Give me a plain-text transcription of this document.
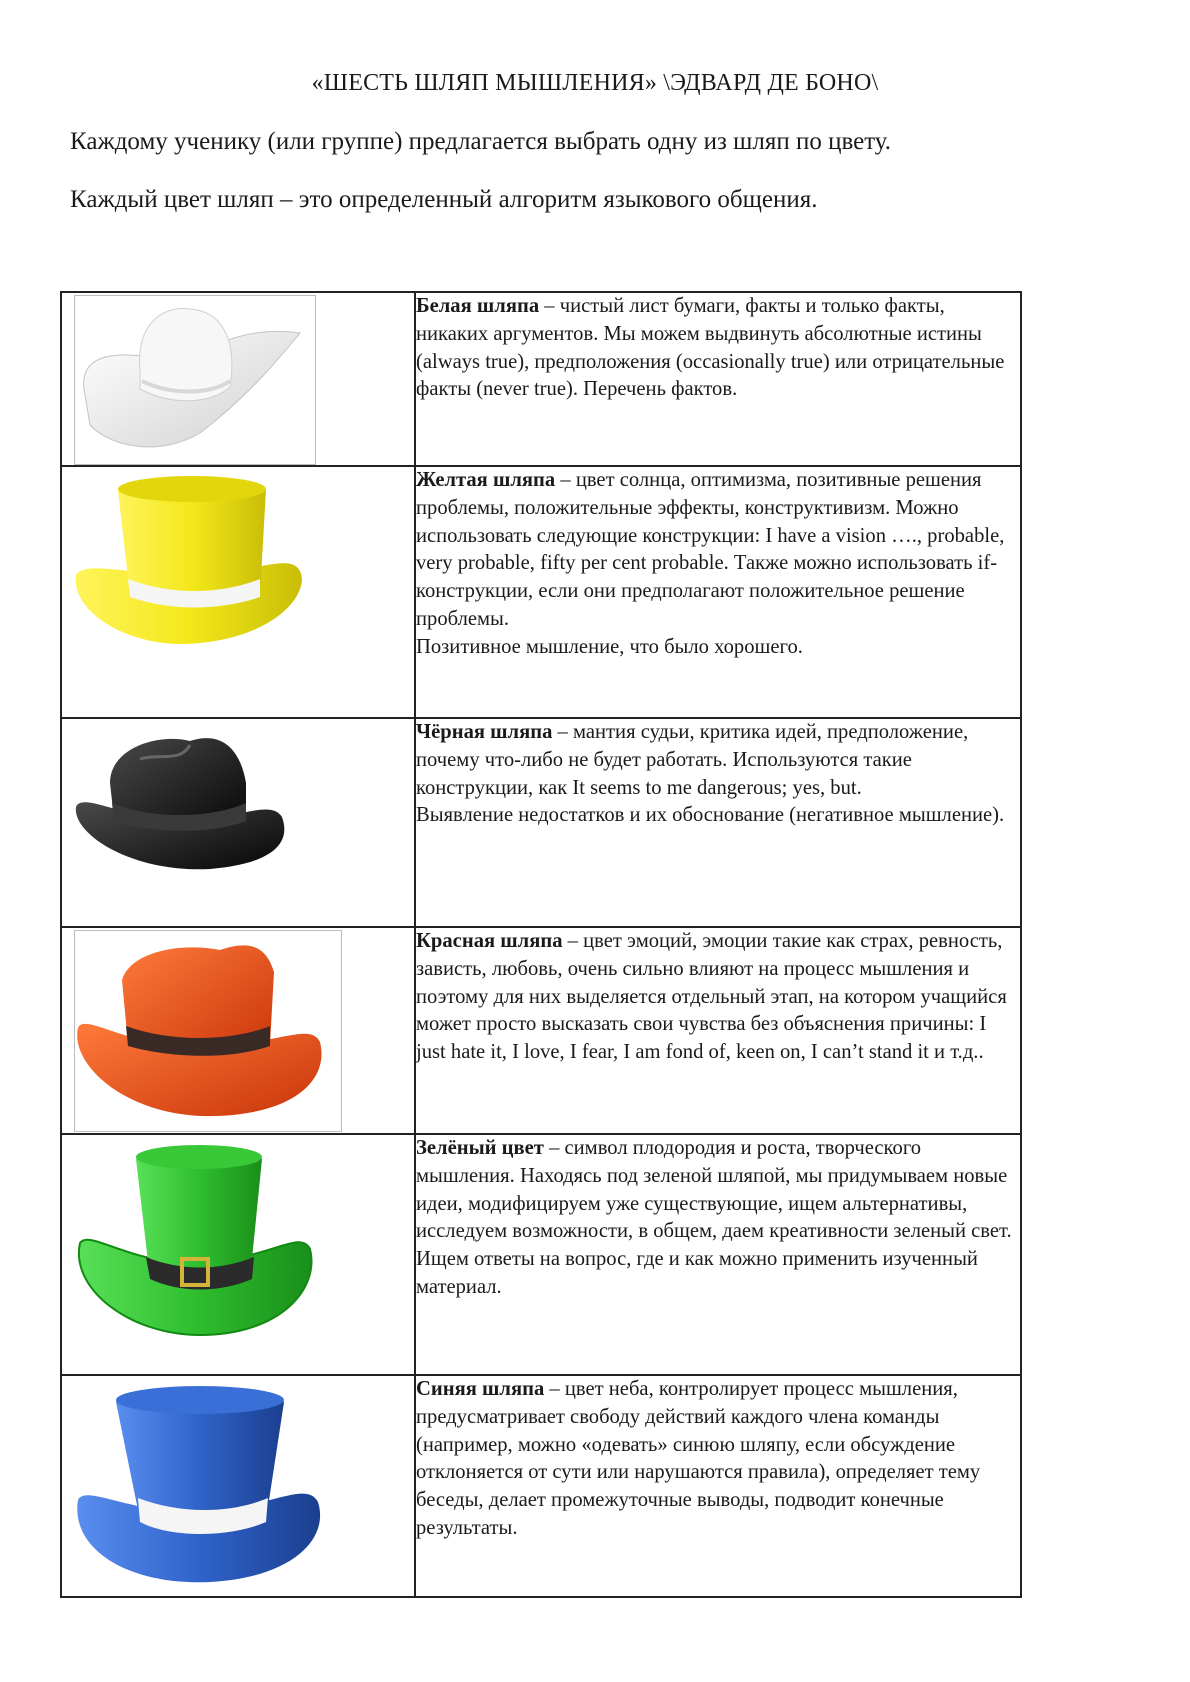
«ШЕСТЬ ШЛЯП МЫШЛЕНИЯ» \ЭДВАРД ДЕ БОНО\
Каждому ученику (или группе) предлагается выбрать одну из шляп по цвету.
Каждый цвет шляп – это определенный алгоритм языкового общения.
	Белая шляпа – чистый лист бумаги, факты и только факты, никаких аргументов. Мы можем выдвинуть абсолютные истины (always true), предположения (occasionally true) или отрицательные факты (never true). Перечень фактов.

	Желтая шляпа – цвет солнца, оптимизма, позитивные решения проблемы, положительные эффекты, конструктивизм. Можно использовать следующие конструкции: I have a vision …., probable, very probable, fifty per cent probable. Также можно использовать if-конструкции, если они предполагают положительное решение проблемы.
Позитивное мышление, что было хорошего.

	Чёрная шляпа – мантия судьи, критика идей, предположение, почему что-либо не будет работать. Используются такие конструкции, как It seems to me dangerous; yes, but.
Выявление недостатков и их обоснование (негативное мышление).

	Красная шляпа – цвет эмоций, эмоции такие как страх, ревность, зависть, любовь, очень сильно влияют на процесс мышления и поэтому для них выделяется отдельный этап, на котором учащийся может просто высказать свои чувства без объяснения причины: I just hate it, I love, I fear, I am fond of, keen on, I can’t stand it и т.д..

	Зелёный цвет – символ плодородия и роста, творческого мышления. Находясь под зеленой шляпой, мы придумываем новые идеи, модифицируем уже существующие, ищем альтернативы, исследуем возможности, в общем, даем креативности зеленый свет. Ищем ответы на вопрос, где и как можно применить изученный материал.

	Синяя шляпа – цвет неба, контролирует процесс мышления, предусматривает свободу действий каждого члена команды (например, можно «одевать» синюю шляпу, если обсуждение отклоняется от сути или нарушаются правила), определяет тему беседы, делает промежуточные выводы, подводит конечные результаты.
